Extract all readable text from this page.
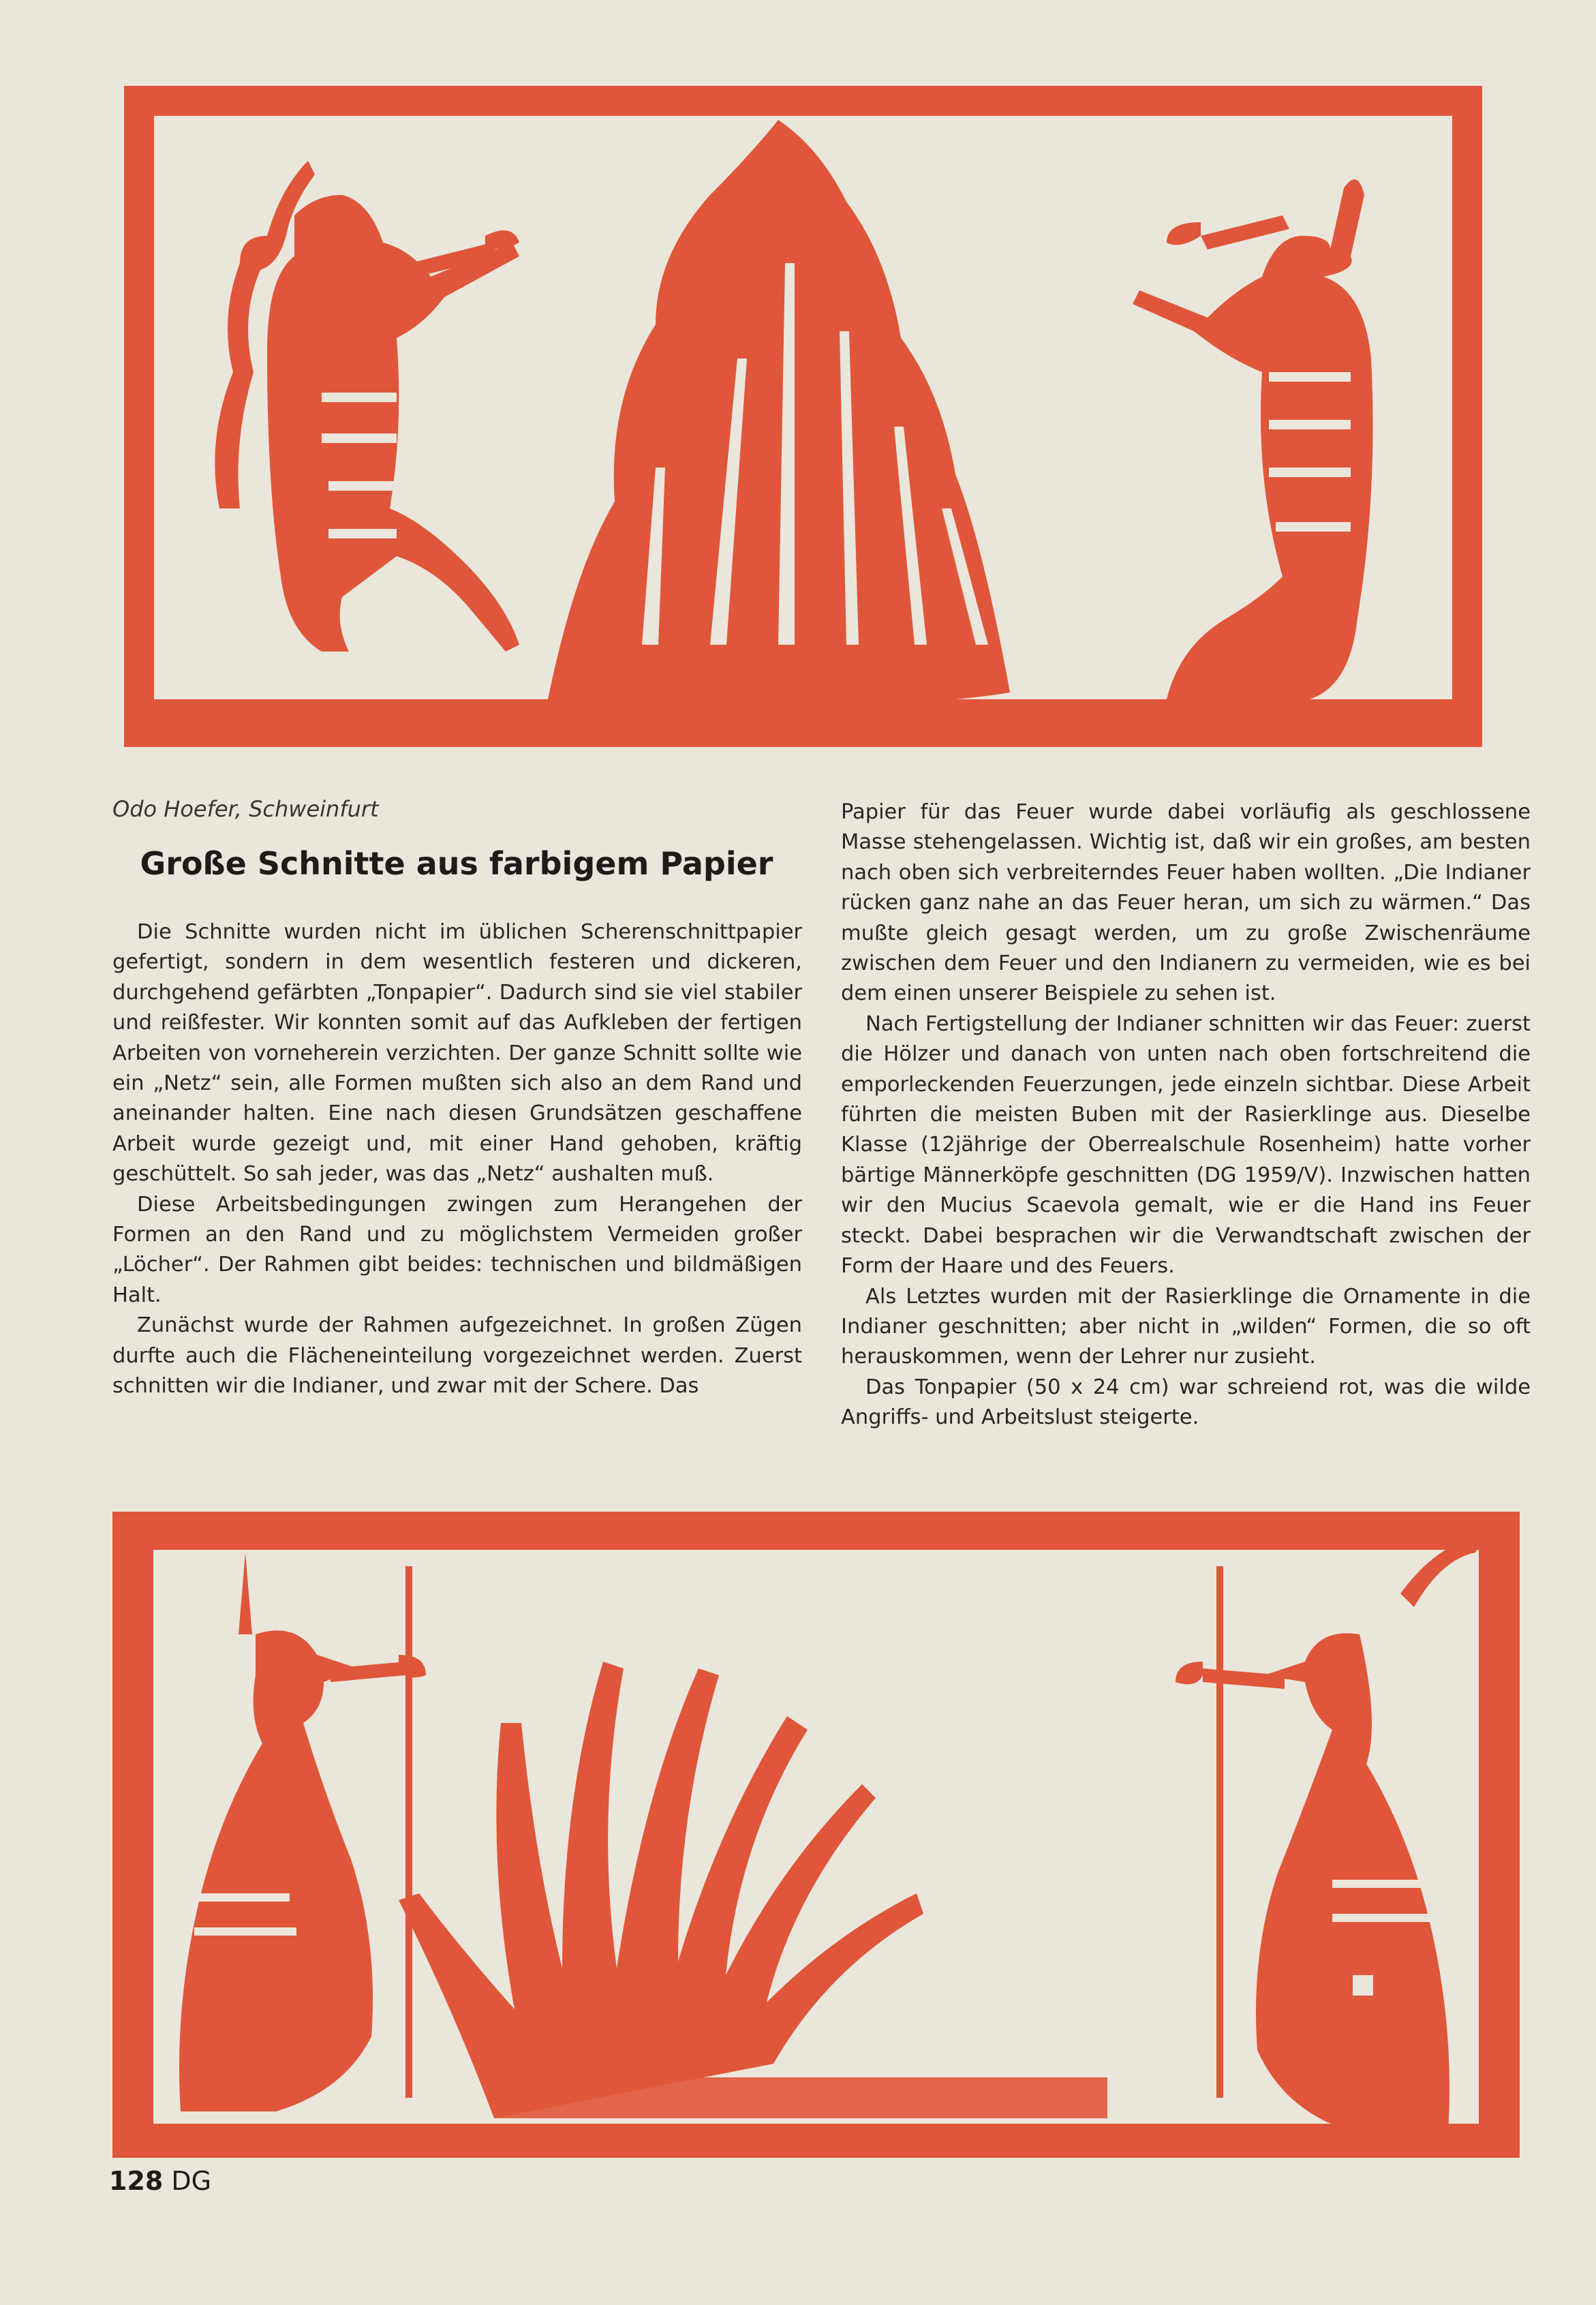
Odo Hoefer, Schweinfurt
Große Schnitte aus farbigem Papier

Die Schnitte wurden nicht im üblichen Scherenschnittpapier gefertigt, sondern in dem wesentlich festeren und dickeren, durchgehend gefärbten „Tonpapier“. Dadurch sind sie viel stabiler und reißfester. Wir konnten somit auf das Aufkleben der fertigen Arbeiten von vorneherein verzichten. Der ganze Schnitt sollte wie ein „Netz“ sein, alle Formen mußten sich also an dem Rand und aneinander halten. Eine nach diesen Grundsätzen geschaffene Arbeit wurde gezeigt und, mit einer Hand gehoben, kräftig geschüttelt. So sah jeder, was das „Netz“ aushalten muß.

Diese Arbeitsbedingungen zwingen zum Herangehen der Formen an den Rand und zu möglichstem Vermeiden großer „Löcher“. Der Rahmen gibt beides: technischen und bildmäßigen Halt.

Zunächst wurde der Rahmen aufgezeichnet. In großen Zügen durfte auch die Flächeneinteilung vorgezeichnet werden. Zuerst schnitten wir die Indianer, und zwar mit der Schere. Das

Papier für das Feuer wurde dabei vorläufig als geschlossene Masse stehengelassen. Wichtig ist, daß wir ein großes, am besten nach oben sich verbreiterndes Feuer haben wollten. „Die Indianer rücken ganz nahe an das Feuer heran, um sich zu wärmen.“ Das mußte gleich gesagt werden, um zu große Zwischenräume zwischen dem Feuer und den Indianern zu vermeiden, wie es bei dem einen unserer Beispiele zu sehen ist.

Nach Fertigstellung der Indianer schnitten wir das Feuer: zuerst die Hölzer und danach von unten nach oben fortschreitend die emporleckenden Feuerzungen, jede einzeln sichtbar. Diese Arbeit führten die meisten Buben mit der Rasierklinge aus. Dieselbe Klasse (12jährige der Oberrealschule Rosenheim) hatte vorher bärtige Männerköpfe geschnitten (DG 1959/V). Inzwischen hatten wir den Mucius Scaevola gemalt, wie er die Hand ins Feuer steckt. Dabei besprachen wir die Verwandtschaft zwischen der Form der Haare und des Feuers.

Als Letztes wurden mit der Rasierklinge die Ornamente in die Indianer geschnitten; aber nicht in „wilden“ Formen, die so oft herauskommen, wenn der Lehrer nur zusieht.

Das Tonpapier (50 x 24 cm) war schreiend rot, was die wilde Angriffs- und Arbeitslust steigerte.

128 DG
